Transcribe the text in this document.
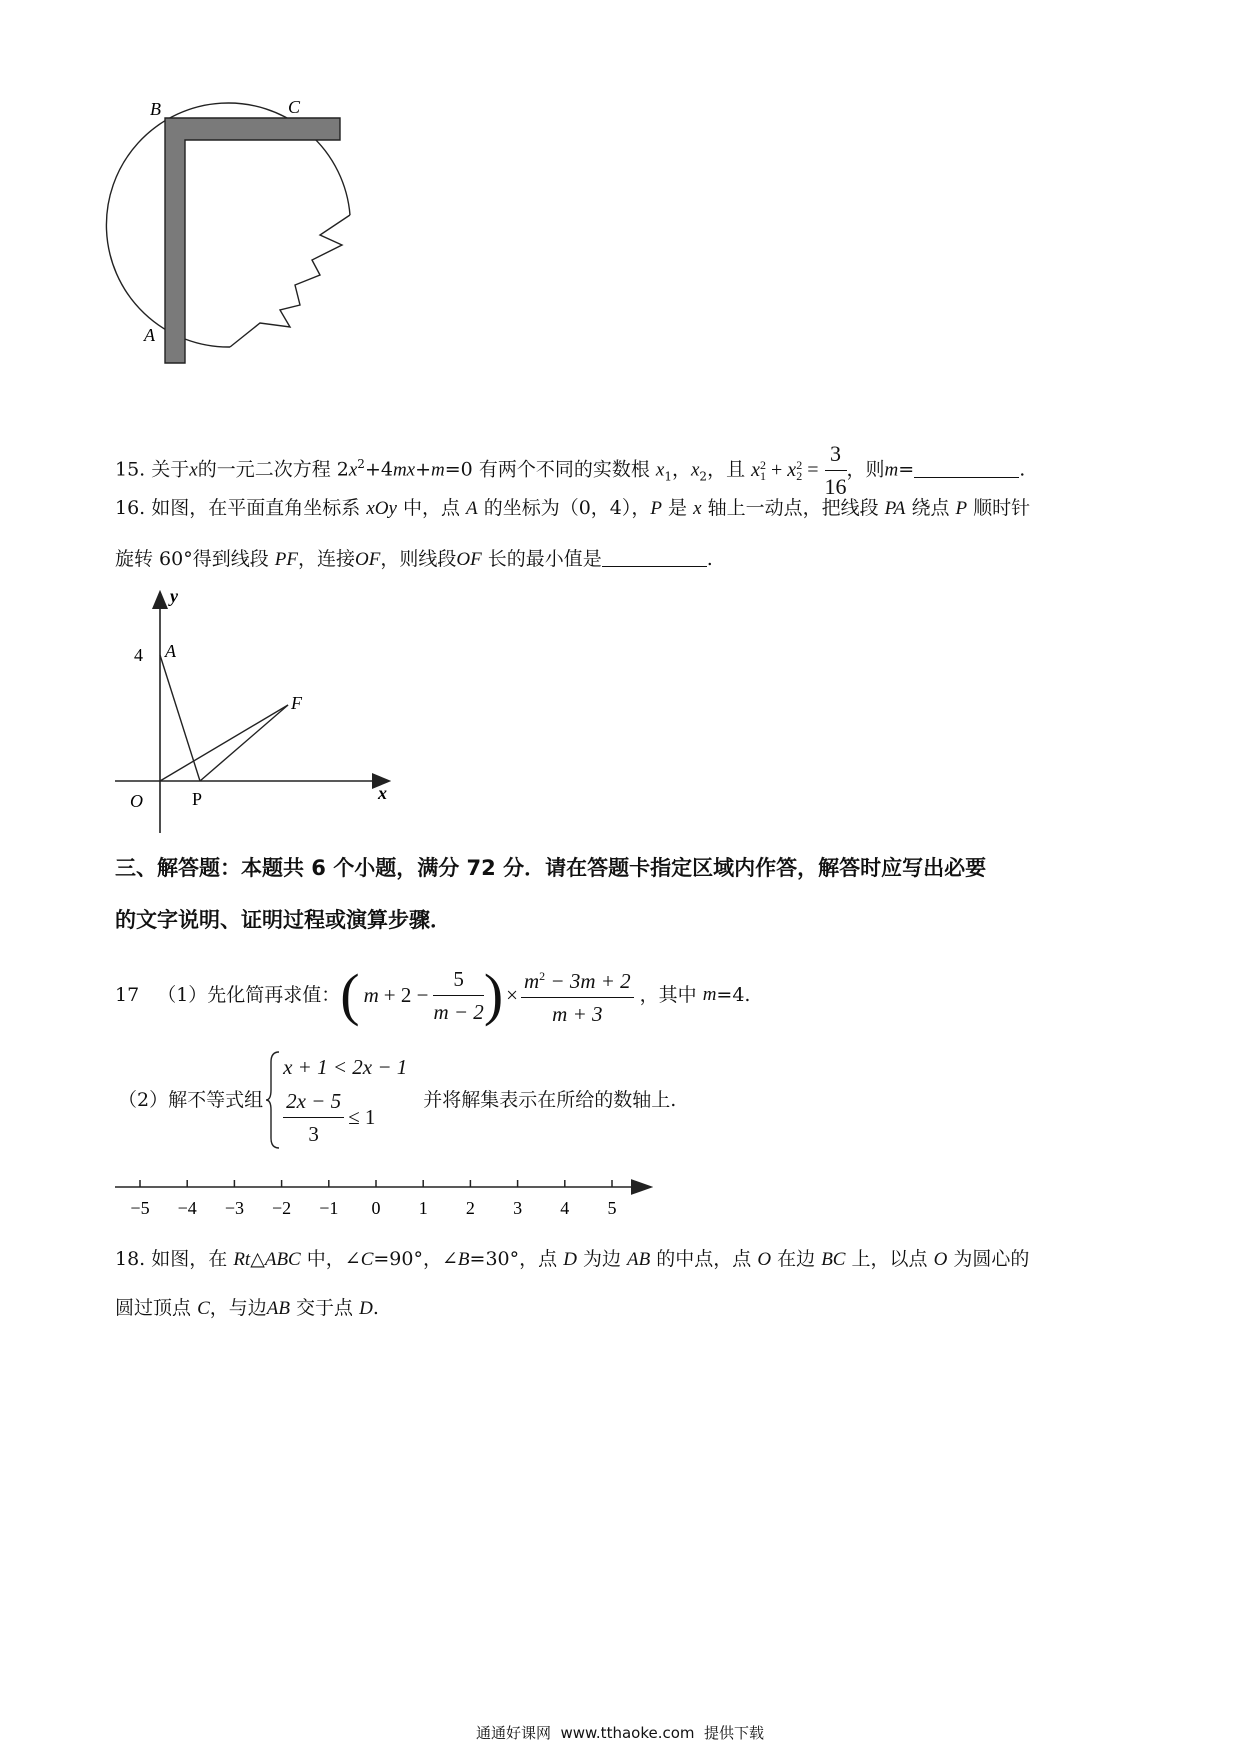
B	C
A
15. 关于x的一元二次方程 $2x^2+4mx+m=0$ 有两个不同的实数根 $x_1$，$x_2$，且 x 2
1 + x 2
$2 = \frac{3}{16}$ ，则m=	.
16. 如图，在平面直角坐标系 xOy 中，点 A 的坐标为（0，4），P 是 x 轴上一动点，把线段 PA 绕点 P 顺时针
旋转 60°得到线段 PF，连接OF，则线段OF 长的最小值是	.
y
4 A
F
O	P	x
三、解答题：本题共 6 个小题，满分 72 分．请在答题卡指定区域内作答，解答时应写出必要
的文字说明、证明过程或演算步骤．
17 （1）先化简再求值： ( $m + 2 - \frac{5}{m - 2}$ ) × $\frac{m^2 - 3m + 2}{m + 3}$ ，其中 m =4.
（2）解不等式组
x + 1 < 2x − 1
$\frac{2x - 5}{3} \le 1$
并将解集表示在所给的数轴上.
−5 −4 −3 −2 −1 0 1 2 3 4 5
18. 如图，在 Rt△ABC 中，∠C=90°，∠B=30°，点 D 为边 AB 的中点，点 O 在边 BC 上，以点 O 为圆心的
圆过顶点 C，与边AB 交于点 D.
通通好课网  www.tthaoke.com  提供下载
